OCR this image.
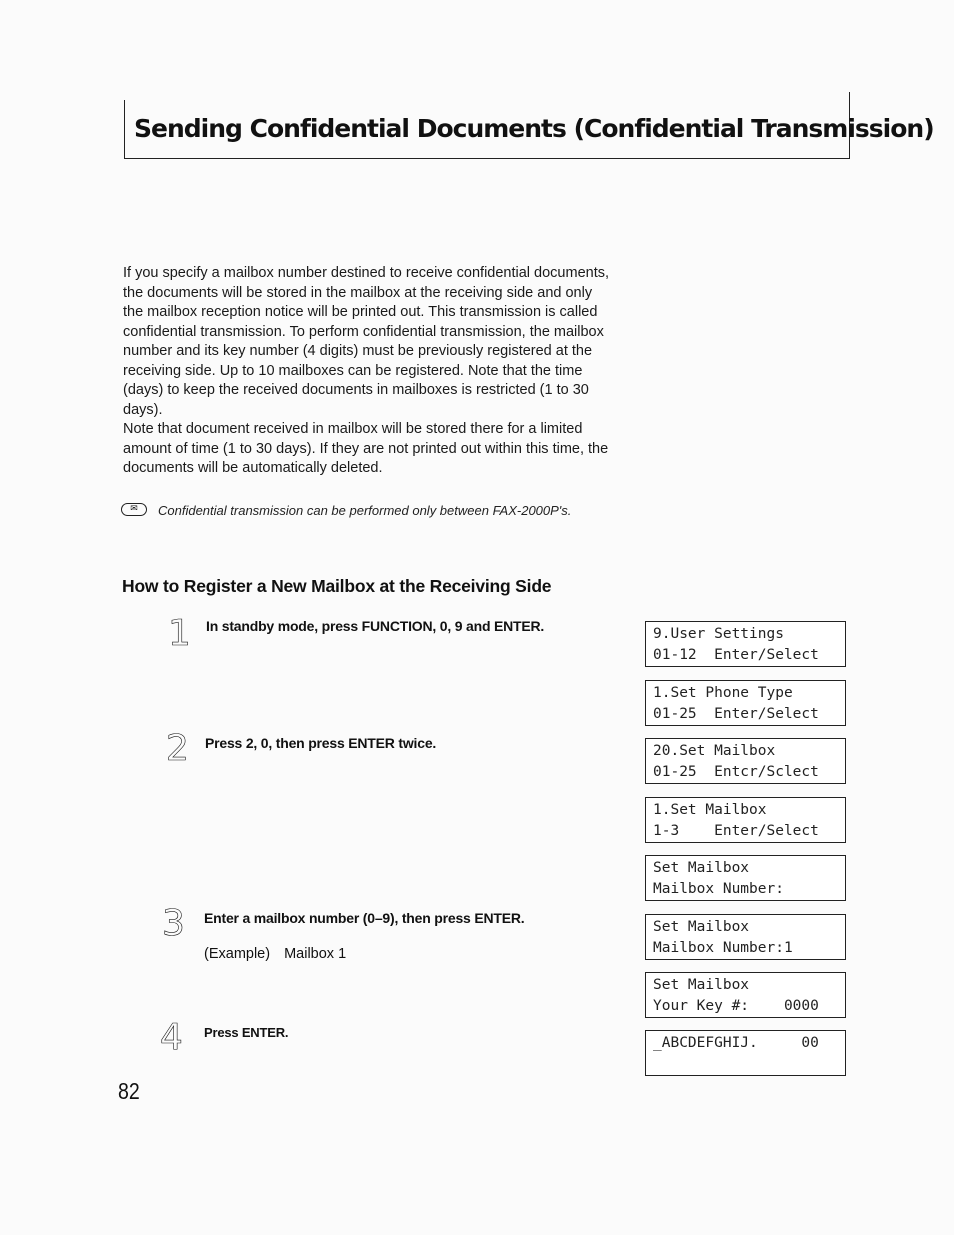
Sending Confidential Documents (Confidential Transmission)

If you specify a mailbox number destined to receive confidential documents, the documents will be stored in the mailbox at the receiving side and only the mailbox reception notice will be printed out. This transmission is called confidential transmission. To perform confidential transmission, the mailbox number and its key number (4 digits) must be previously registered at the receiving side. Up to 10 mailboxes can be registered. Note that the time (days) to keep the received documents in mailboxes is restricted (1 to 30 days).

Note that document received in mailbox will be stored there for a limited amount of time (1 to 30 days). If they are not printed out within this time, the documents will be automatically deleted.

✉	Confidential transmission can be performed only between FAX-2000P's.

How to Register a New Mailbox at the Receiving Side
1 In standby mode, press FUNCTION, 0, 9 and ENTER.

2 Press 2, 0, then press ENTER twice.

3 Enter a mailbox number (0–9), then press ENTER.

(Example) Mailbox 1

4 Press ENTER.

9.User Settings
01-12  Enter/Select
1.Set Phone Type
01-25  Enter/Select
20.Set Mailbox
01-25  Entcr/Sclect
1.Set Mailbox
1-3    Enter/Select
Set Mailbox
Mailbox Number:
Set Mailbox
Mailbox Number:1
Set Mailbox
Your Key #:    0000
_ABCDEFGHIJ.     00

82
